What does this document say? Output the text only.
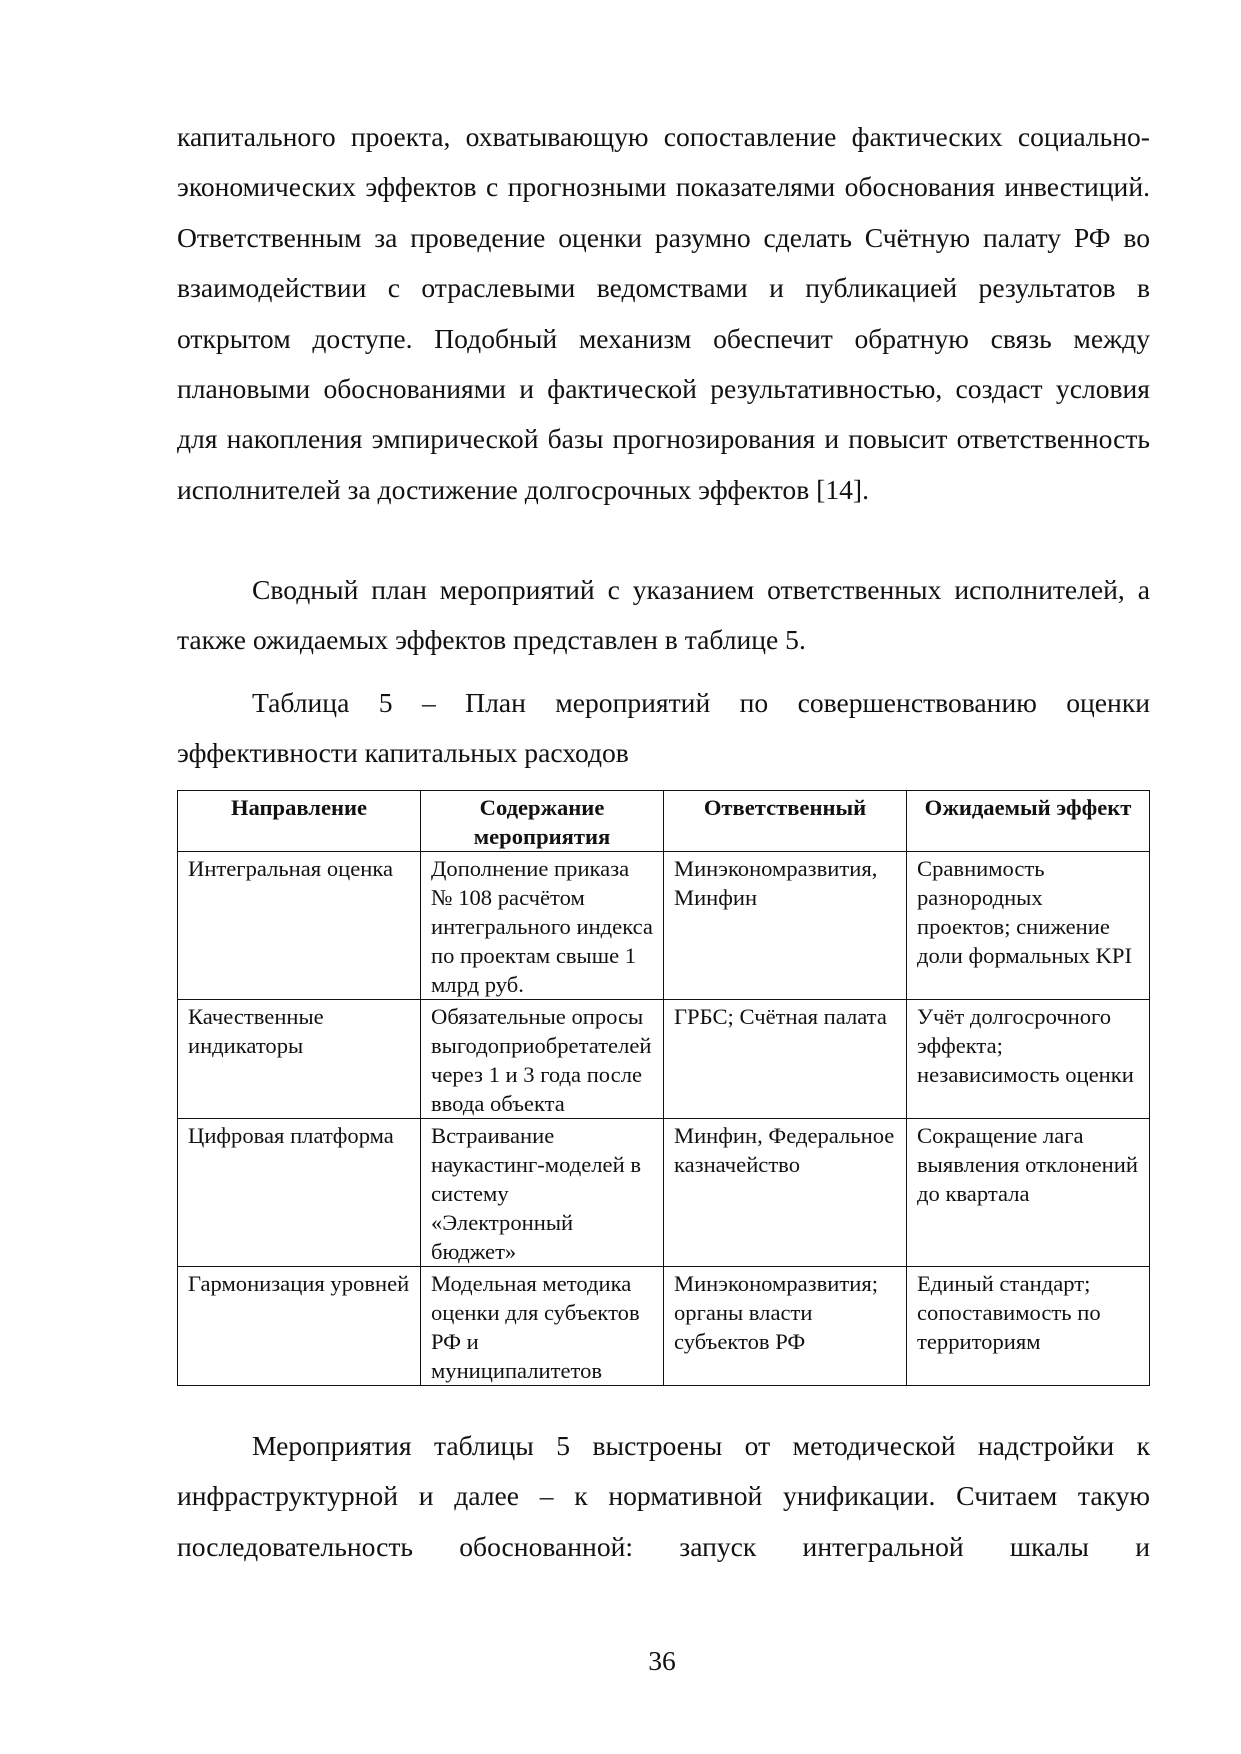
капитального проекта, охватывающую сопоставление фактических социально-экономических эффектов с прогнозными показателями обоснования инвестиций. Ответственным за проведение оценки разумно сделать Счётную палату РФ во взаимодействии с отраслевыми ведомствами и публикацией результатов в открытом доступе. Подобный механизм обеспечит обратную связь между плановыми обоснованиями и фактической результативностью, создаст условия для накопления эмпирической базы прогнозирования и повысит ответственность исполнителей за достижение долгосрочных эффектов [14].

Сводный план мероприятий с указанием ответственных исполнителей, а также ожидаемых эффектов представлен в таблице 5.

Таблица 5 – План мероприятий по совершенствованию оценки эффективности капитальных расходов

Направление	Содержание мероприятия	Ответственный	Ожидаемый эффект
Интегральная оценка	Дополнение приказа № 108 расчётом интегрального индекса по проектам свыше 1 млрд руб.	Минэкономразвития, Минфин	Сравнимость разнородных проектов; снижение доли формальных KPI
Качественные индикаторы	Обязательные опросы выгодоприобретателей через 1 и 3 года после ввода объекта	ГРБС; Счётная палата	Учёт долгосрочного эффекта; независимость оценки
Цифровая платформа	Встраивание наукастинг-моделей в систему «Электронный бюджет»	Минфин, Федеральное казначейство	Сокращение лага выявления отклонений до квартала
Гармонизация уровней	Модельная методика оценки для субъектов РФ и муниципалитетов	Минэкономразвития; органы власти субъектов РФ	Единый стандарт; сопоставимость по территориям

Мероприятия таблицы 5 выстроены от методической надстройки к инфраструктурной и далее – к нормативной унификации. Считаем такую последовательность обоснованной: запуск интегральной шкалы и

36
